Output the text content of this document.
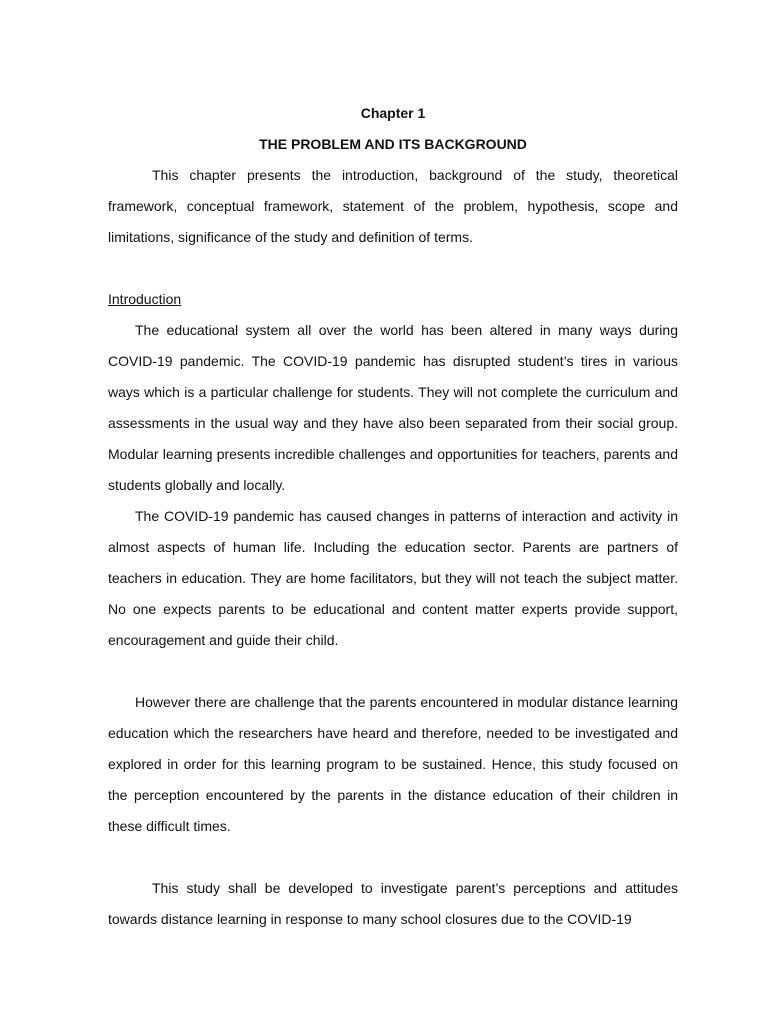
Chapter 1
THE PROBLEM AND ITS BACKGROUND

This chapter presents the introduction, background of the study, theoretical framework, conceptual framework, statement of the problem, hypothesis, scope and limitations, significance of the study and definition of terms.

Introduction

The educational system all over the world has been altered in many ways during COVID-19 pandemic. The COVID-19 pandemic has disrupted student’s tires in various ways which is a particular challenge for students. They will not complete the curriculum and assessments in the usual way and they have also been separated from their social group. Modular learning presents incredible challenges and opportunities for teachers, parents and students globally and locally.

The COVID-19 pandemic has caused changes in patterns of interaction and activity in almost aspects of human life. Including the education sector. Parents are partners of teachers in education. They are home facilitators, but they will not teach the subject matter. No one expects parents to be educational and content matter experts provide support, encouragement and guide their child.

However there are challenge that the parents encountered in modular distance learning education which the researchers have heard and therefore, needed to be investigated and explored in order for this learning program to be sustained. Hence, this study focused on the perception encountered by the parents in the distance education of their children in these difficult times.

This study shall be developed to investigate parent’s perceptions and attitudes towards distance learning in response to many school closures due to the COVID-19
